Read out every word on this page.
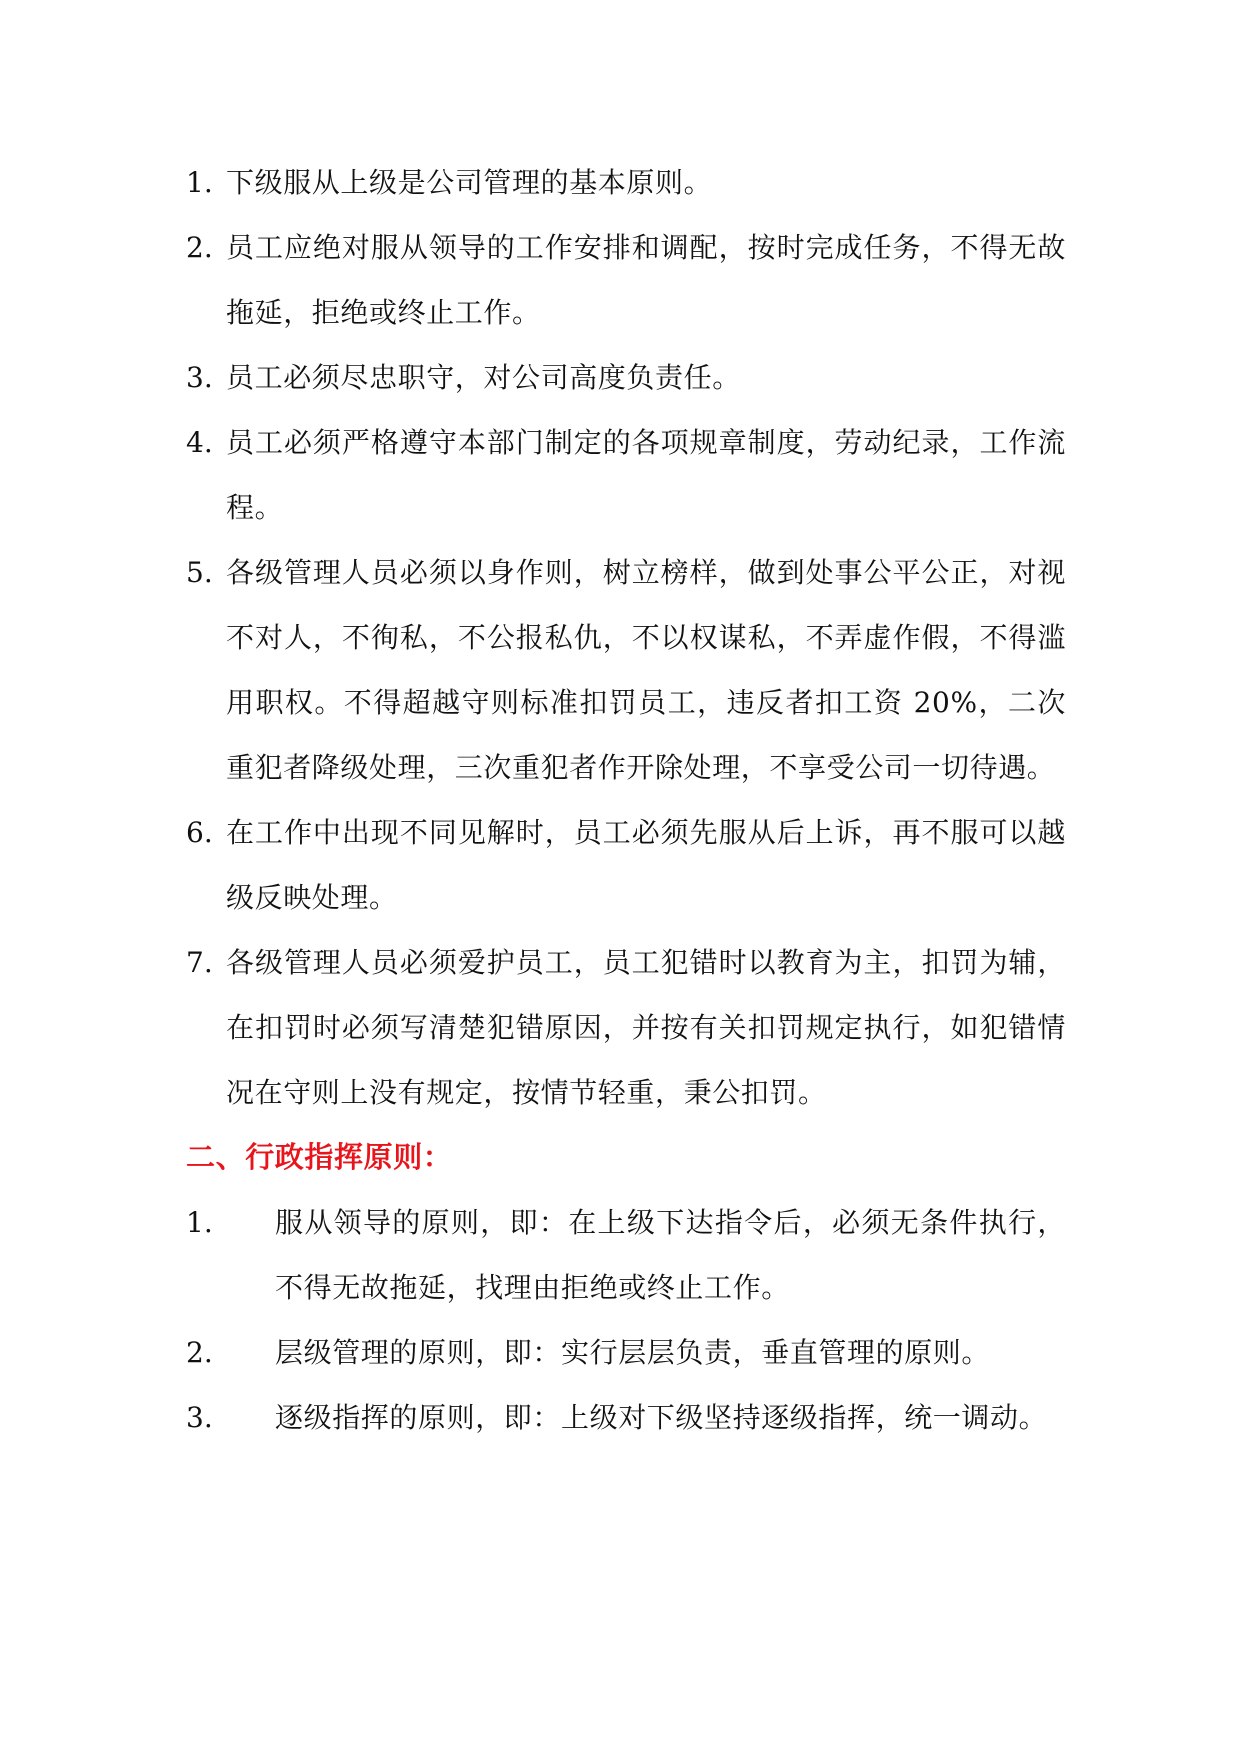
1. 下级服从上级是公司管理的基本原则。
2. 员工应绝对服从领导的工作安排和调配，按时完成任务，不得无故拖延，拒绝或终止工作。
3. 员工必须尽忠职守，对公司高度负责任。
4. 员工必须严格遵守本部门制定的各项规章制度，劳动纪录，工作流程。
5. 各级管理人员必须以身作则，树立榜样，做到处事公平公正，对视不对人，不徇私，不公报私仇，不以权谋私，不弄虚作假，不得滥用职权。不得超越守则标准扣罚员工，违反者扣工资 20%，二次重犯者降级处理，三次重犯者作开除处理，不享受公司一切待遇。
6. 在工作中出现不同见解时，员工必须先服从后上诉，再不服可以越级反映处理。
7. 各级管理人员必须爱护员工，员工犯错时以教育为主，扣罚为辅，在扣罚时必须写清楚犯错原因，并按有关扣罚规定执行，如犯错情况在守则上没有规定，按情节轻重，秉公扣罚。
二、行政指挥原则：
1.	服从领导的原则，即：在上级下达指令后，必须无条件执行，不得无故拖延，找理由拒绝或终止工作。
2.	层级管理的原则，即：实行层层负责，垂直管理的原则。
3.	逐级指挥的原则，即：上级对下级坚持逐级指挥，统一调动。
